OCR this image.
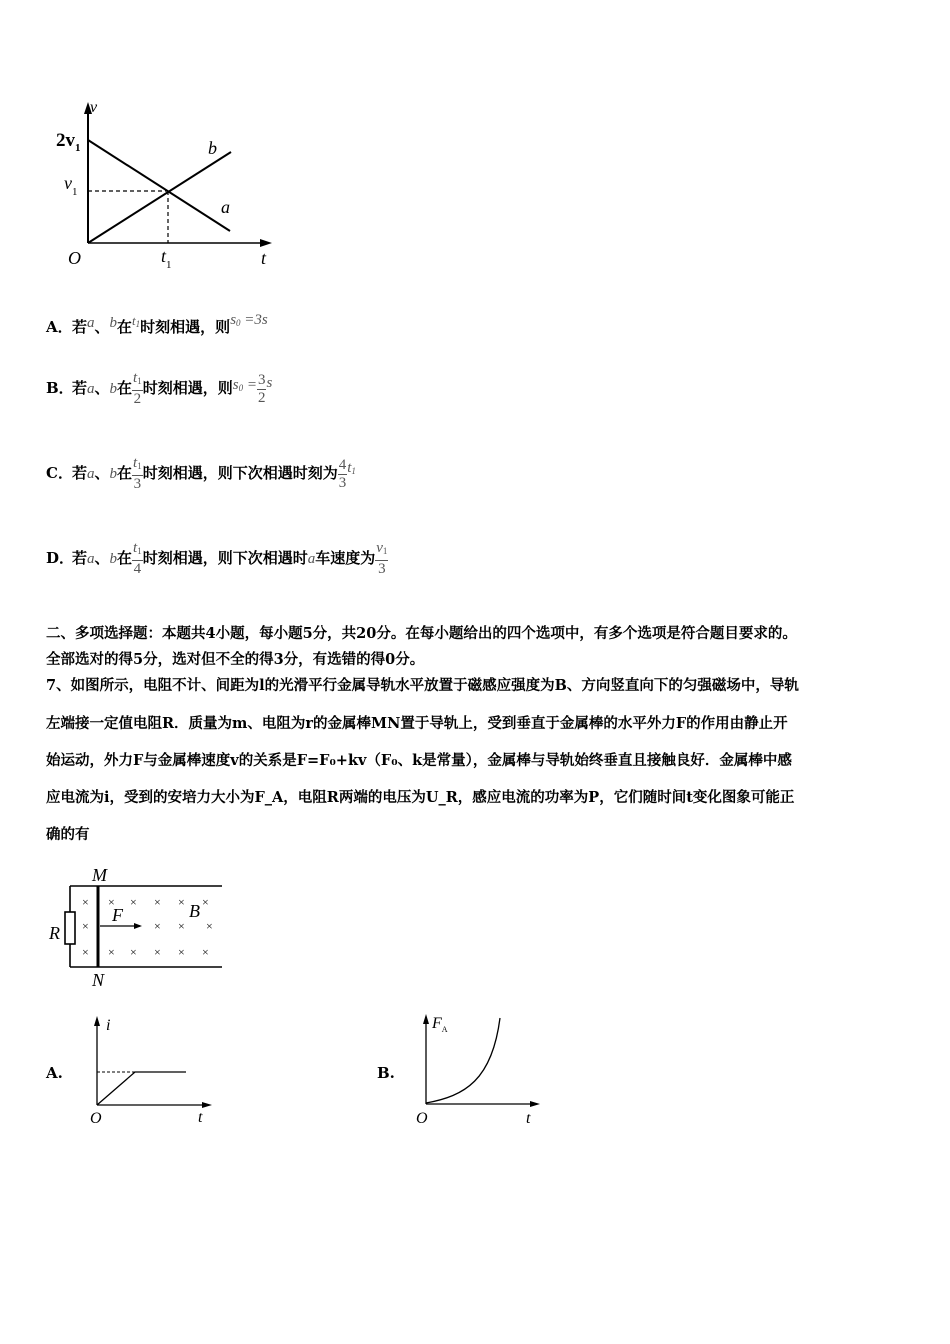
v
$2v_1$
$v_1$
O	$t_1$	t
b
a
A．若a、b在$t_1$时刻相遇，则$s_0 =3s$
B．若a、b在 $\frac{t_1}{2}$ 时刻相遇，则$s_0 = \frac{3}{2}$ s
C．若a、b在 $\frac{t_1}{3}$ 时刻相遇，则下次相遇时刻为 $\frac{4}{3} t_1$
D．若a、b在 $\frac{t_1}{4}$ 时刻相遇，则下次相遇时a车速度为 $\frac{v_1}{3}$
二、多项选择题：本题共4小题，每小题5分，共20分。在每小题给出的四个选项中，有多个选项是符合题目要求的。
全部选对的得5分，选对但不全的得3分，有选错的得0分。
7、如图所示，电阻不计、间距为l的光滑平行金属导轨水平放置于磁感应强度为B、方向竖直向下的匀强磁场中，导轨
左端接一定值电阻R．质量为m、电阻为r的金属棒MN置于导轨上，受到垂直于金属棒的水平外力F的作用由静止开
始运动，外力F与金属棒速度v的关系是F=F₀+kv（F₀、k是常量），金属棒与导轨始终垂直且接触良好．金属棒中感
应电流为i，受到的安培力大小为F_A，电阻R两端的电压为U_R，感应电流的功率为P，它们随时间t变化图象可能正
确的有
M
N
R
F	B
×
×
×
× × × × ×
× × ×
× × × × ×
A.
i
t
O
B.
$F_A$
t
O
